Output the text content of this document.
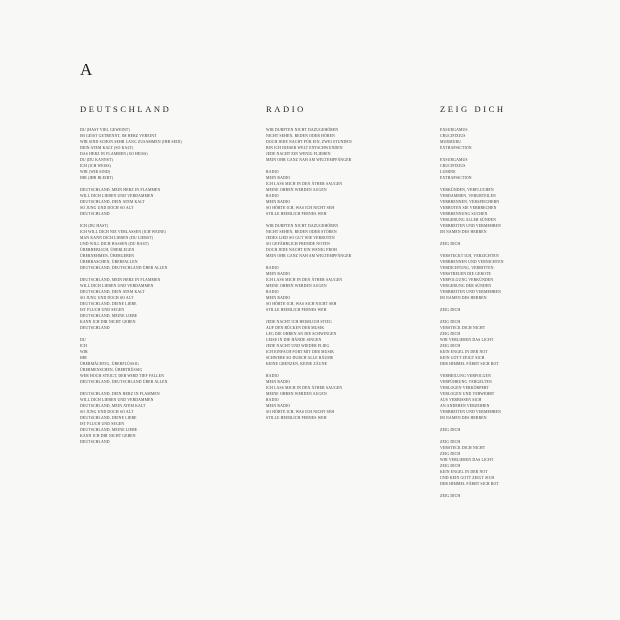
A
DEUTSCHLAND
DU (HAST VIEL GEWEINT)
IM GEIST GETRENNT, IM HERZ VEREINT
WIR SIND SCHON SEHR LANG ZUSAMMEN (IHR SEID)
DEIN ATEM KALT (SO KALT)
DAS HERZ IN FLAMMEN (SO HEISS)
DU (DU KANNST)
ICH (ICH WEISS)
WIR (WIR SIND)
IHR (IHR BLEIBT)
DEUTSCHLAND, MEIN HERZ IN FLAMMEN
WILL DICH LIEBEN UND VERDAMMEN
DEUTSCHLAND, DEIN ATEM KALT
SO JUNG UND DOCH SO ALT
DEUTSCHLAND
ICH (DU HAST)
ICH WILL DICH NIE VERLASSEN (ICH WEINE)
MAN KANN DICH LIEBEN (DU LIEBST)
UND WILL DICH HASSEN (DU HAST)
ÜBERHEBLICH, ÜBERLEGEN
ÜBERNEHMEN, ÜBERGEBEN
ÜBERRASCHEN, ÜBERFALLEN
DEUTSCHLAND, DEUTSCHLAND ÜBER ALLEN
DEUTSCHLAND, MEIN HERZ IN FLAMMEN
WILL DICH LIEBEN UND VERDAMMEN
DEUTSCHLAND, DEIN ATEM KALT
SO JUNG UND DOCH SO ALT
DEUTSCHLAND, DEINE LIEBE
IST FLUCH UND SEGEN
DEUTSCHLAND, MEINE LIEBE
KANN ICH DIR NICHT GEBEN
DEUTSCHLAND
DU
ICH
WIR
IHR
ÜBERMÄCHTIG, ÜBERFLÜSSIG
ÜBERMENSCHEN, ÜBERTRÜSSIG
WER HOCH STEIGT, DER WIRD TIEF FALLEN
DEUTSCHLAND, DEUTSCHLAND ÜBER ALLEN
DEUTSCHLAND, DEIN HERZ IN FLAMMEN
WILL DICH LIEBEN UND VERDAMMEN
DEUTSCHLAND, MEIN ATEM KALT
SO JUNG UND DOCH SO ALT
DEUTSCHLAND, DEINE LIEBE
IST FLUCH UND SEGEN
DEUTSCHLAND, MEINE LIEBE
KANN ICH DIR NICHT GEBEN
DEUTSCHLAND
RADIO
WIR DURFTEN NICHT DAZUGEHÖREN
NICHT SEHEN, REDEN ODER HÖREN
DOCH JEDE NACHT FÜR EIN, ZWEI STUNDEN
BIN ICH DIESER WELT ENTSCHWUNDEN
JEDE NACHT EIN WENIG FLIEHEN
MEIN OHR GANZ NAH AM WELTEMPFÄNGER
RADIO
MEIN RADIO
ICH LASS MICH IN DEN ÄTHER SAUGEN
MEINE OHREN WERDEN AUGEN
RADIO
MEIN RADIO
SO HÖRTE ICH, WAS ICH NICHT SEH
STILLE HEIMLICH FERNES WEH
WIR DURFTEN NICHT DAZUGEHÖREN
NICHT SEHEN, REDEN ODER STÖREN
JEDES LIED SO GUT WIE VERBOTEN
SO GEFÄHRLICH FREMDE NOTEN
DOCH JEDE NACHT EIN WENIG FROH
MEIN OHR GANZ NAH AM WELTEMPFÄNGER
RADIO
MEIN RADIO
ICH LASS MICH IN DEN ÄTHER SAUGEN
MEINE OHREN WERDEN AUGEN
RADIO
MEIN RADIO
SO HÖRTE ICH, WAS SICH NICHT SEH
STILLE HEIMLICH FERNES WEH
JEDE NACHT ICH HEIMLICH STIEG
AUF DEN RÜCKEN DER MUSIK
LEG DIE OHREN AN DIE SCHWINGEN
LEISE IN DIE HÄNDE SINGEN
JEDE NACHT UND WIEDER FLIEG
ICH EINFACH FORT MIT DER MUSIK
SCHWEBE SO DURCH ALLE RÄUME
KEINE GRENZEN, KEINE ZÄUNE
RADIO
MEIN RADIO
ICH LASS MICH IN DEN ÄTHER SAUGEN
MEINE OHREN WERDEN AUGEN
RADIO
MEIN RADIO
SO HÖRTE ICH, WAS ICH NICHT SEH
STILLE HEIMLICH FERNES WEH
ZEIG DICH
EXSURGAMUS
CRUCIFIXIUS
MURMURU
EXTRAPSICTION
EXSURGAMUS
CRUCIFIXIUS
LUMINE
EXTRAPSICTION
VERKÜNDEN, VERFLUCHEN
VERDAMMEN, VERURTEILEN
VERBRENNEN, VERSPEICHERN
VERBOTEN SIE VERBRECHEN
VERBRENNUNG SUCHEN
VERGEBUNG ALLER SÜNDEN
VERBREITEN UND VERMEHREN
IM NAMEN DES HERREN
ZEIG DICH
VERSTECKT ICH, VERZICHTEN
VERBRENNEN UND VERNICHTEN
VERDICHTUNG, VERBITTEN
VERSTREUEN DIE GEBOTE
VERFOLGUNG VERKÜNDEN
VERGEBUNG DER SÜNDEN
VERBREITEN UND VERMEHREN
IM NAMEN DES HERREN
ZEIG DICH
ZEIG DICH
VERSTECK DICH NICHT
ZEIG DICH
WIR VERLIEREN DAS LICHT
ZEIG DICH
KEIN ENGEL IN DER NOT
KEIN GOTT ZEIGT SICH
DER HIMMEL FÄRBT SICH ROT
VERHEILUNG VERFOLGEN
VERFÜHRUNG VERGELTEN
VERLOGEN VERKÖRPERT
VERLOGEN UND VERWEHRT
AUS VERBISSEN SICH
AN ANDEREN VERZEIHEN
VERBREITEN UND VERMEHREN
IM NAMEN DES HERREN
ZEIG DICH
ZEIG DICH
VERSTECK DICH NICHT
ZEIG DICH
WIR VERLIEREN DAS LICHT
ZEIG DICH
KEIN ENGEL IN DER NOT
UND KEIN GOTT ZEIGT SICH
DER HIMMEL FÄRBT SICH ROT
ZEIG DICH
